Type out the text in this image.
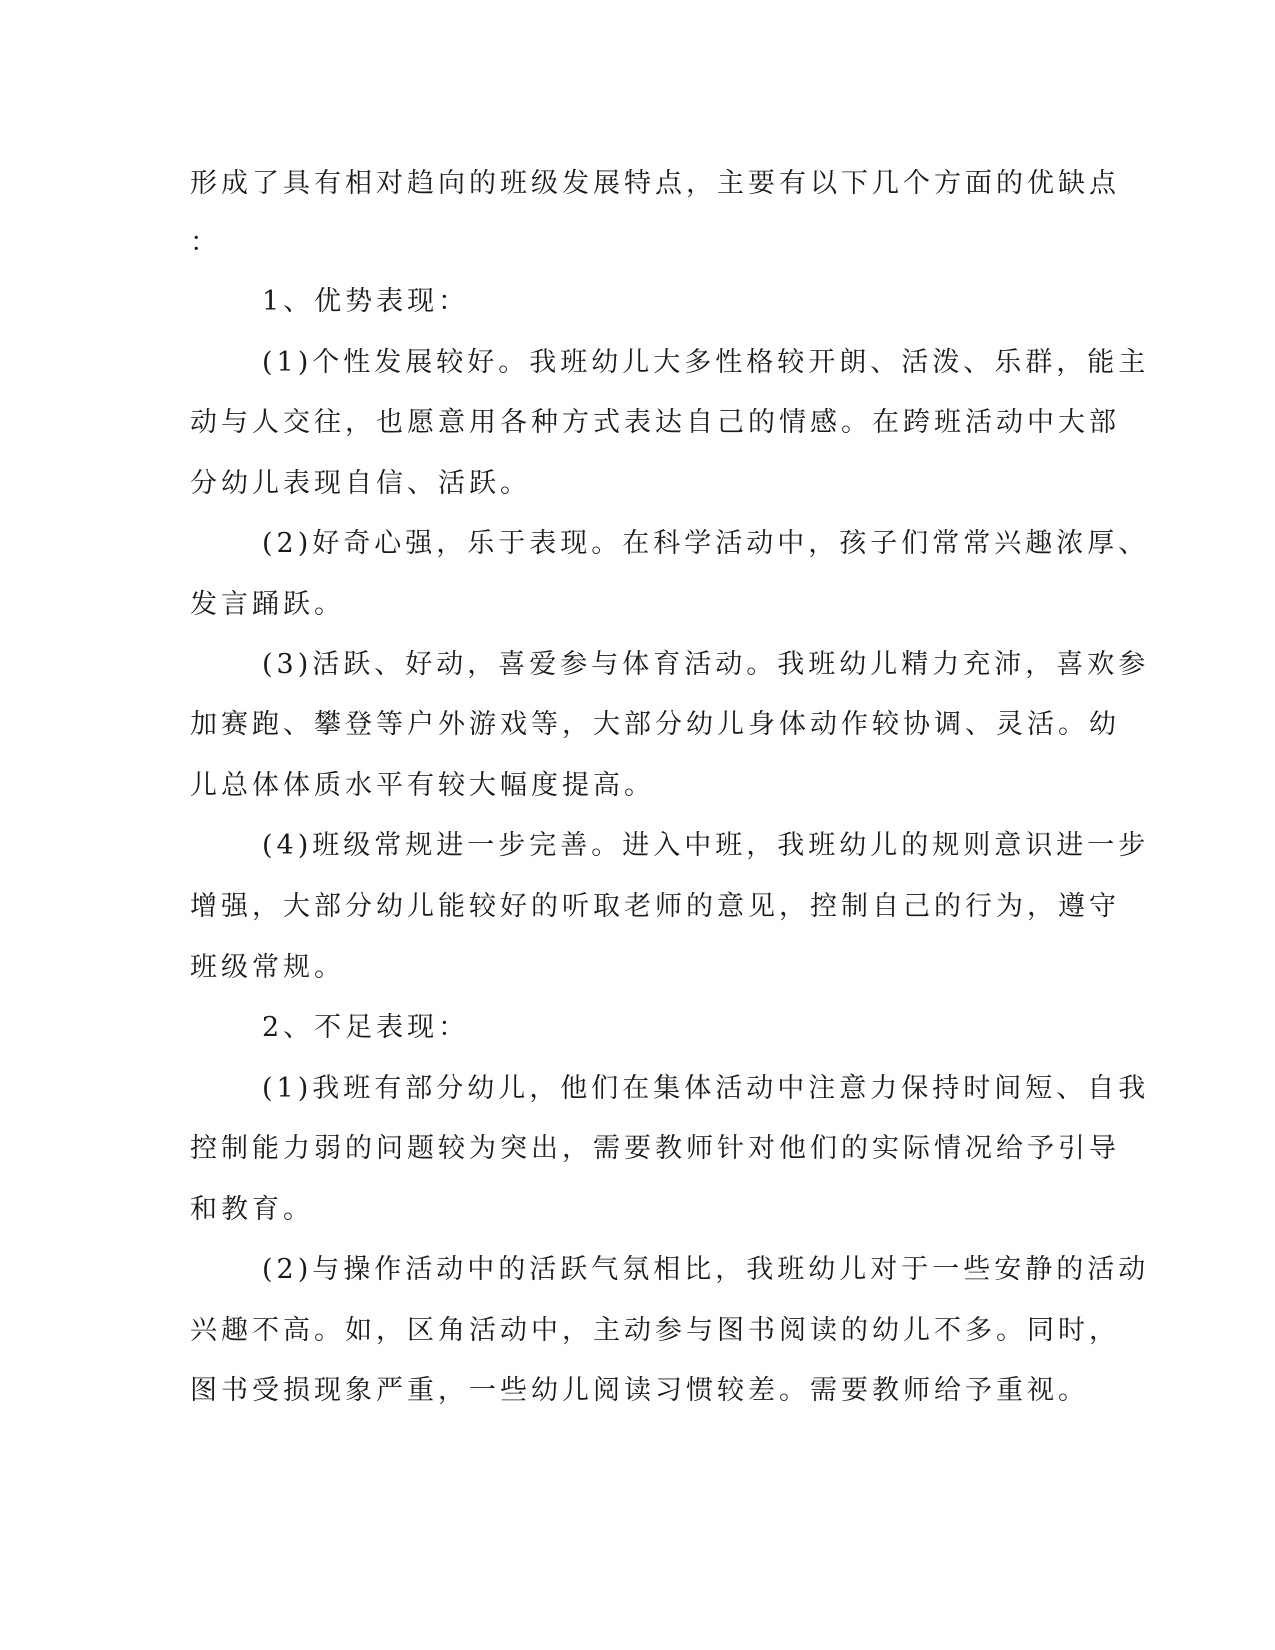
形成了具有相对趋向的班级发展特点，主要有以下几个方面的优缺点
：
1、优势表现：
(1)个性发展较好。我班幼儿大多性格较开朗、活泼、乐群，能主
动与人交往，也愿意用各种方式表达自己的情感。在跨班活动中大部
分幼儿表现自信、活跃。
(2)好奇心强，乐于表现。在科学活动中，孩子们常常兴趣浓厚、
发言踊跃。
(3)活跃、好动，喜爱参与体育活动。我班幼儿精力充沛，喜欢参
加赛跑、攀登等户外游戏等，大部分幼儿身体动作较协调、灵活。幼
儿总体体质水平有较大幅度提高。
(4)班级常规进一步完善。进入中班，我班幼儿的规则意识进一步
增强，大部分幼儿能较好的听取老师的意见，控制自己的行为，遵守
班级常规。
2、不足表现：
(1)我班有部分幼儿，他们在集体活动中注意力保持时间短、自我
控制能力弱的问题较为突出，需要教师针对他们的实际情况给予引导
和教育。
(2)与操作活动中的活跃气氛相比，我班幼儿对于一些安静的活动
兴趣不高。如，区角活动中，主动参与图书阅读的幼儿不多。同时，
图书受损现象严重，一些幼儿阅读习惯较差。需要教师给予重视。
